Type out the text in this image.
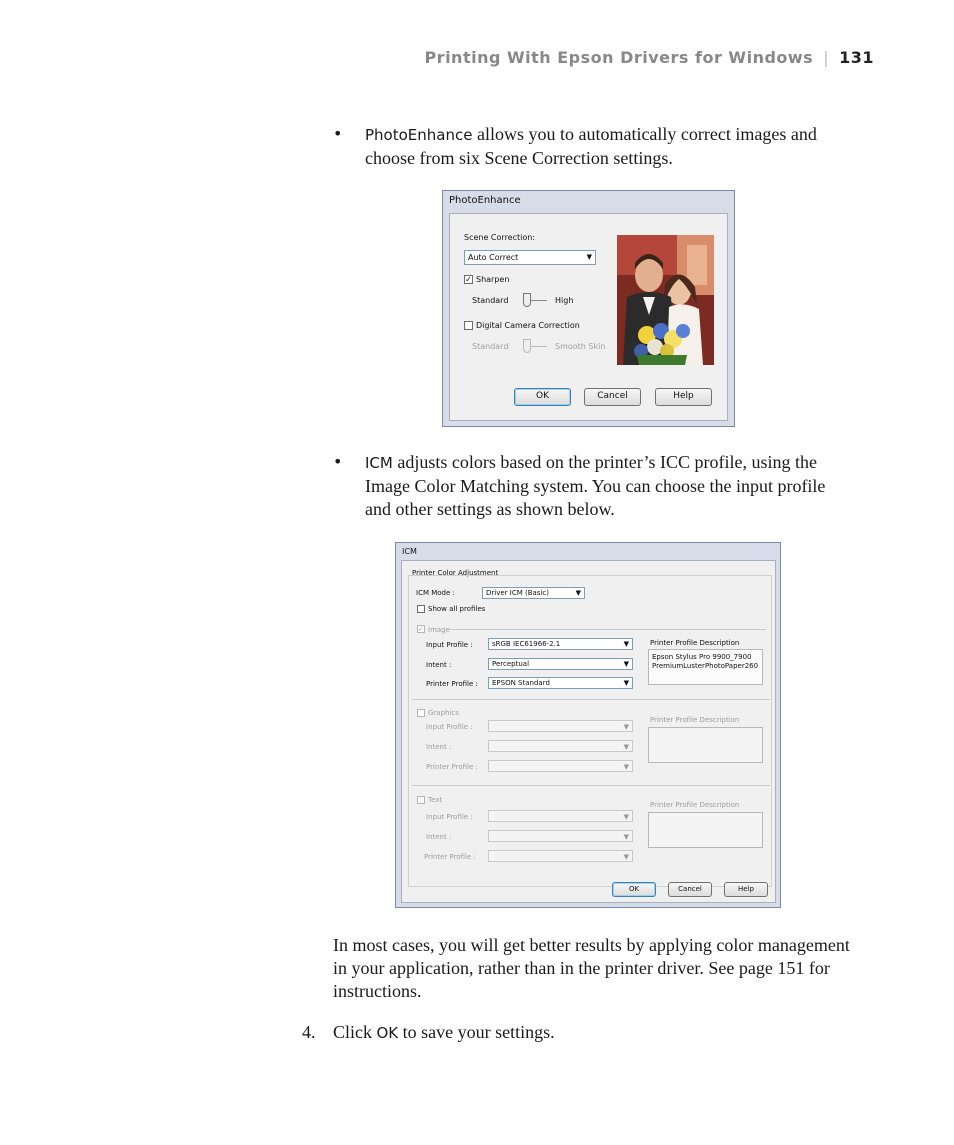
Printing With Epson Drivers for Windows | 131
• PhotoEnhance allows you to automatically correct images and
choose from six Scene Correction settings.
PhotoEnhance
Scene Correction:
Auto Correct	▼
✓ Sharpen
Standard	High
Digital Camera Correction
Standard	Smooth Skin
OK	Cancel	Help
• ICM adjusts colors based on the printer’s ICC profile, using the
Image Color Matching system. You can choose the input profile
and other settings as shown below.
ICM
Printer Color Adjustment
ICM Mode :	Driver ICM (Basic)	▼
Show all profiles
✓ Image
Input Profile :	sRGB IEC61966-2.1	▼
Intent :	Perceptual	▼
Printer Profile :	EPSON Standard	▼
Printer Profile Description
Epson Stylus Pro 9900_7900
PremiumLusterPhotoPaper260
Graphics
Input Profile :	▼
Intent :	▼
Printer Profile :	▼
Printer Profile Description
Text
Input Profile :	▼
Intent :	▼
Printer Profile :	▼
Printer Profile Description
OK	Cancel	Help
In most cases, you will get better results by applying color management
in your application, rather than in the printer driver. See page 151 for
instructions.
4. Click OK to save your settings.
